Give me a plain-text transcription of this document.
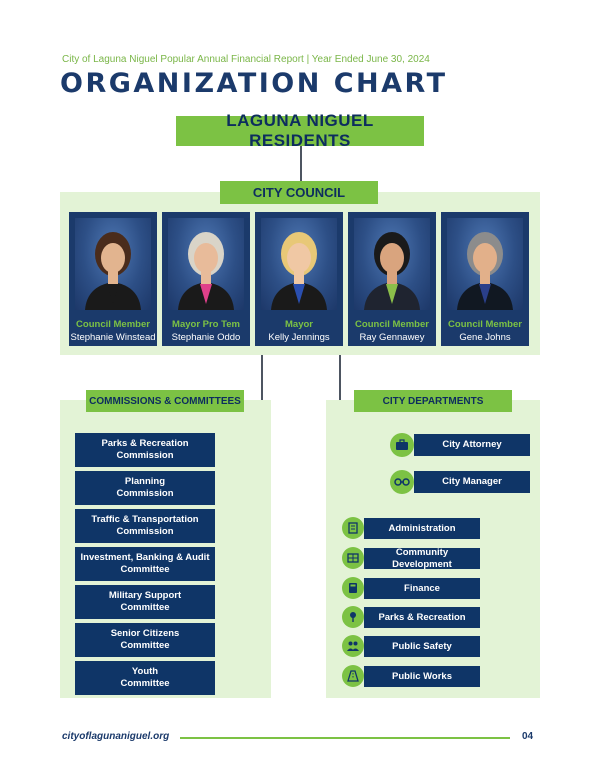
City of Laguna Niguel Popular Annual Financial Report | Year Ended June 30, 2024
ORGANIZATION CHART
LAGUNA NIGUEL RESIDENTS
CITY COUNCIL
Council Member
Stephanie Winstead
Mayor Pro Tem
Stephanie Oddo
Mayor
Kelly Jennings
Council Member
Ray Gennawey
Council Member
Gene Johns
COMMISSIONS & COMMITTEES
Parks & Recreation
Commission
Planning
Commission
Traffic & Transportation
Commission
Investment, Banking & Audit
Committee
Military Support
Committee
Senior Citizens
Committee
Youth
Committee
CITY DEPARTMENTS
City Attorney
City Manager
Administration
Community Development
Finance
Parks & Recreation
Public Safety
Public Works
cityoflagunaniguel.org	04
